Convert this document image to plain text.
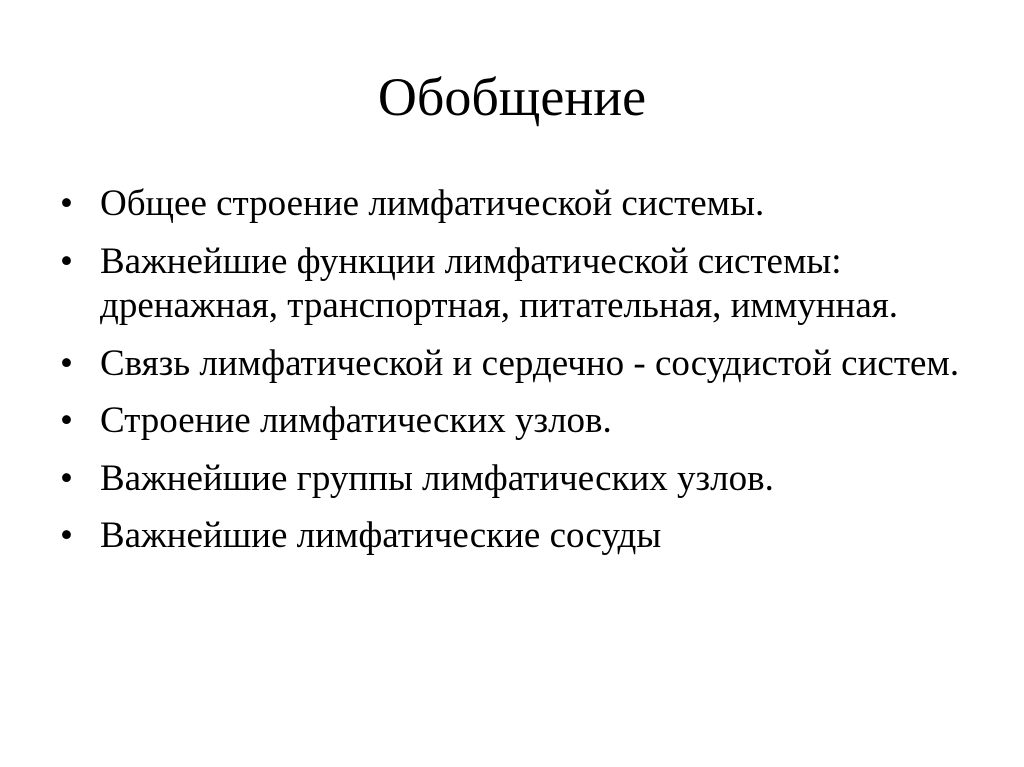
Обобщение
• Общее строение лимфатической системы.
• Важнейшие функции лимфатической системы: дренажная, транспортная, питательная, иммунная.
• Связь лимфатической и сердечно - сосудистой систем.
• Строение лимфатических узлов.
• Важнейшие группы лимфатических узлов.
• Важнейшие лимфатические сосуды
